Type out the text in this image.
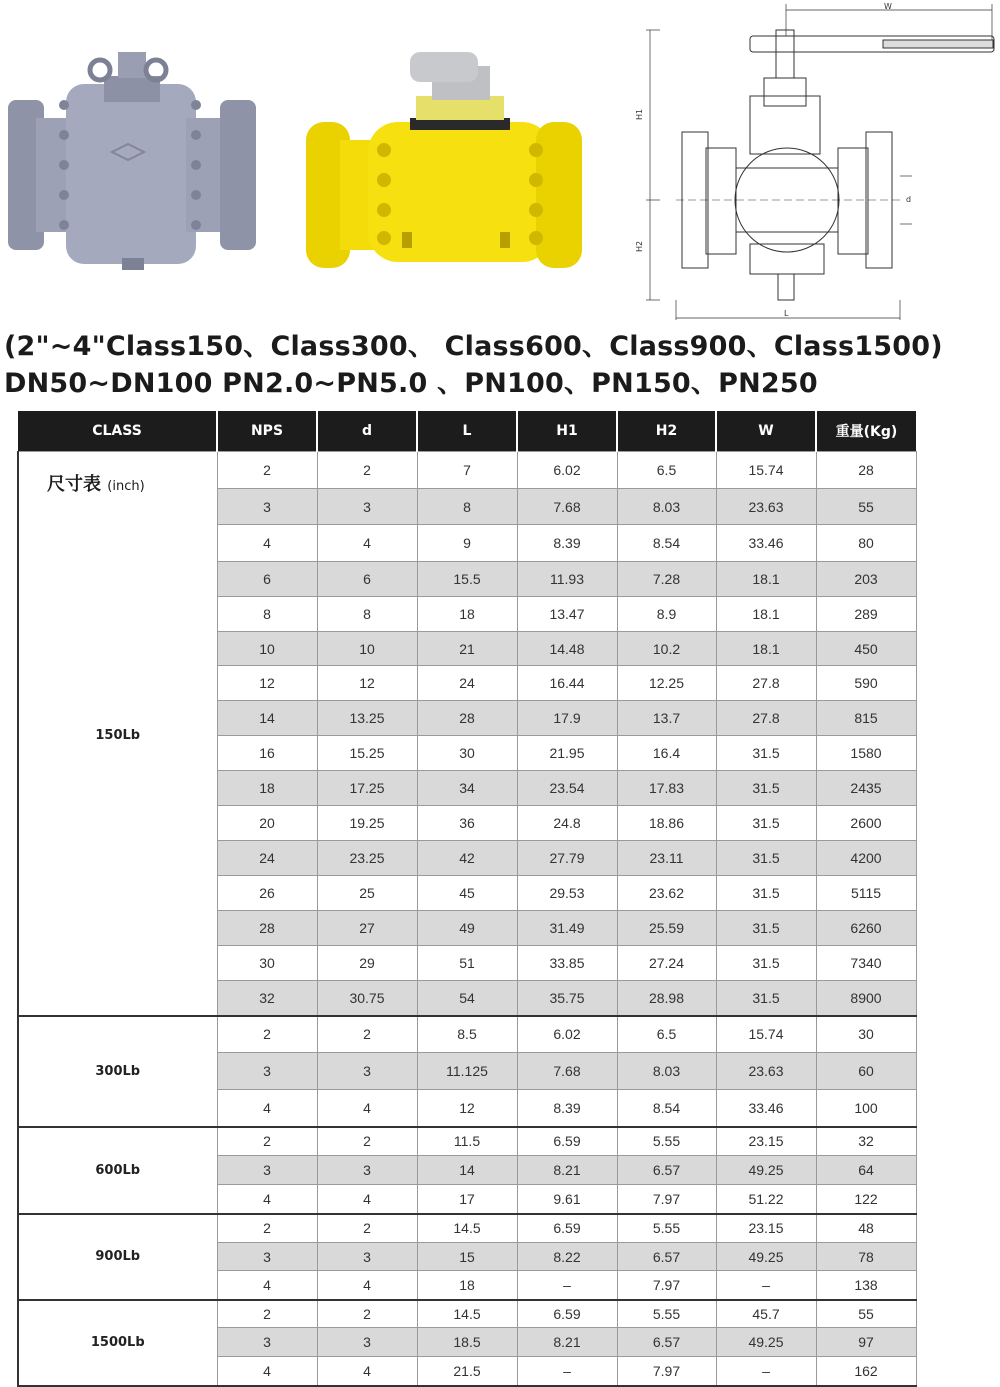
W
H1
H2
d
L
(2"~4"Class150、Class300、 Class600、Class900、Class1500)
DN50~DN100 PN2.0~PN5.0 、PN100、PN150、PN250
CLASS	NPS	d	L	H1	H2	W	重量(Kg)

尺寸表 (inch)
150Lb	2	2	7	6.02	6.5	15.74	28
	3	3	8	7.68	8.03	23.63	55
	4	4	9	8.39	8.54	33.46	80
	6	6	15.5	11.93	7.28	18.1	203
	8	8	18	13.47	8.9	18.1	289
	10	10	21	14.48	10.2	18.1	450
	12	12	24	16.44	12.25	27.8	590
	14	13.25	28	17.9	13.7	27.8	815
	16	15.25	30	21.95	16.4	31.5	1580
	18	17.25	34	23.54	17.83	31.5	2435
	20	19.25	36	24.8	18.86	31.5	2600
	24	23.25	42	27.79	23.11	31.5	4200
	26	25	45	29.53	23.62	31.5	5115
	28	27	49	31.49	25.59	31.5	6260
	30	29	51	33.85	27.24	31.5	7340
	32	30.75	54	35.75	28.98	31.5	8900
300Lb	2	2	8.5	6.02	6.5	15.74	30
	3	3	11.125	7.68	8.03	23.63	60
	4	4	12	8.39	8.54	33.46	100
600Lb	2	2	11.5	6.59	5.55	23.15	32
	3	3	14	8.21	6.57	49.25	64
	4	4	17	9.61	7.97	51.22	122
900Lb	2	2	14.5	6.59	5.55	23.15	48
	3	3	15	8.22	6.57	49.25	78
	4	4	18	–	7.97	–	138
1500Lb	2	2	14.5	6.59	5.55	45.7	55
	3	3	18.5	8.21	6.57	49.25	97
	4	4	21.5	–	7.97	–	162
